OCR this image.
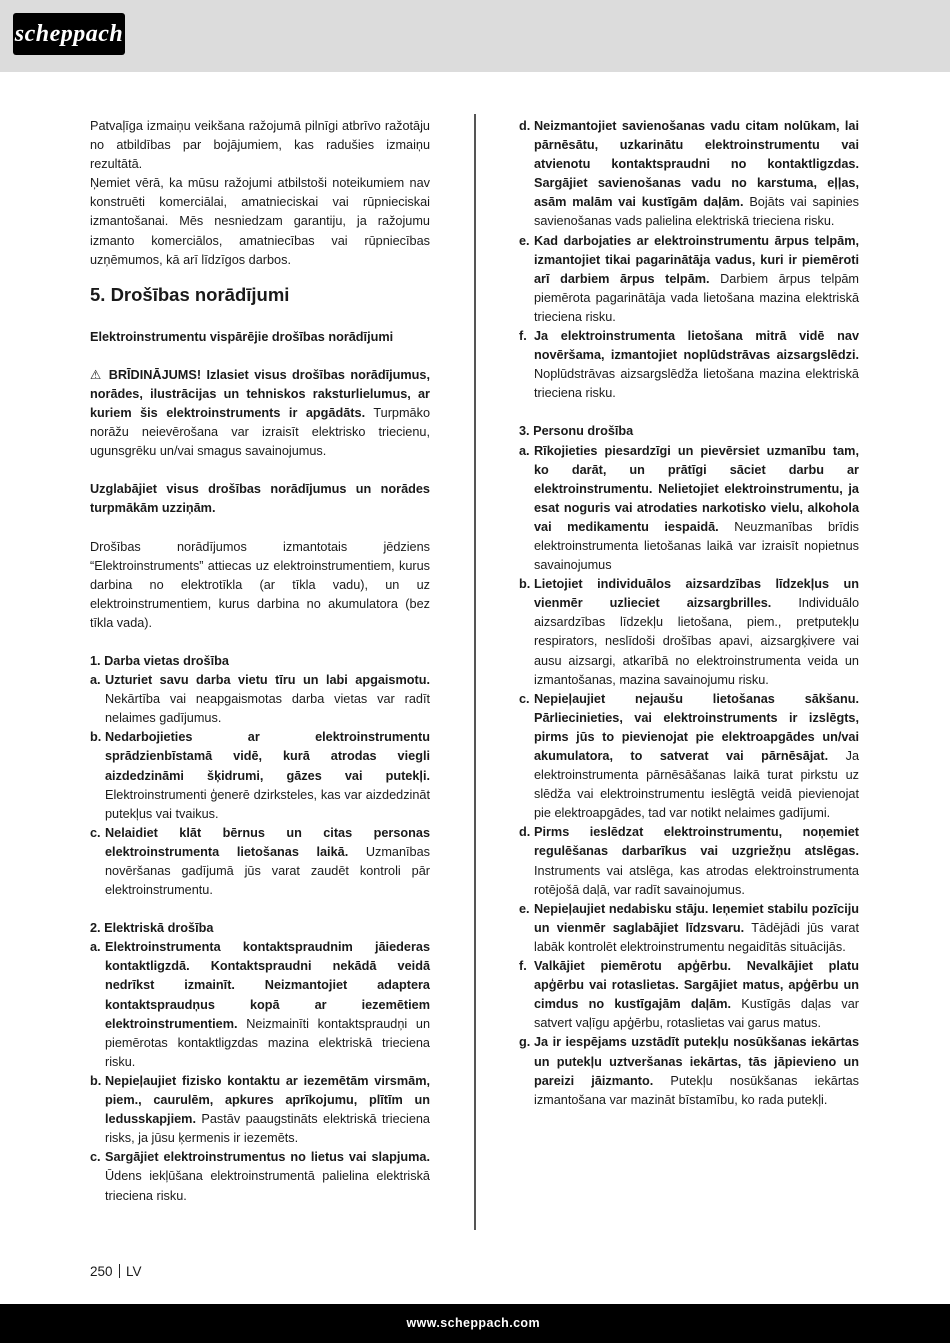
scheppach

Patvaļīga izmaiņu veikšana ražojumā pilnīgi atbrīvo ražotāju no atbildības par bojājumiem, kas radušies izmaiņu rezultātā.

Ņemiet vērā, ka mūsu ražojumi atbilstoši noteikumiem nav konstruēti komerciālai, amatnieciskai vai rūpnieciskai izmantošanai. Mēs nesniedzam garantiju, ja ražojumu izmanto komerciālos, amatniecības vai rūpniecības uzņēmumos, kā arī līdzīgos darbos.

5. Drošības norādījumi

Elektroinstrumentu vispārējie drošības norādījumi

⚠ BRĪDINĀJUMS! Izlasiet visus drošības norādījumus, norādes, ilustrācijas un tehniskos raksturlielumus, ar kuriem šis elektroinstruments ir apgādāts. Turpmāko norāžu neievērošana var izraisīt elektrisko triecienu, ugunsgrēku un/vai smagus savainojumus.

Uzglabājiet visus drošības norādījumus un norādes turpmākām uzziņām.

Drošības norādījumos izmantotais jēdziens “Elektroinstruments” attiecas uz elektroinstrumentiem, kurus darbina no elektrotīkla (ar tīkla vadu), un uz elektroinstrumentiem, kurus darbina no akumulatora (bez tīkla vada).

1. Darba vietas drošība
a. Uzturiet savu darba vietu tīru un labi apgaismotu. Nekārtība vai neapgaismotas darba vietas var radīt nelaimes gadījumus.
b. Nedarbojieties ar elektroinstrumentu sprādzienbīstamā vidē, kurā atrodas viegli aizdedzināmi šķidrumi, gāzes vai putekļi. Elektroinstrumenti ģenerē dzirksteles, kas var aizdedzināt putekļus vai tvaikus.
c. Nelaidiet klāt bērnus un citas personas elektroinstrumenta lietošanas laikā. Uzmanības novēršanas gadījumā jūs varat zaudēt kontroli pār elektroinstrumentu.
2. Elektriskā drošība
a. Elektroinstrumenta kontaktspraudnim jāiederas kontaktligzdā. Kontaktspraudni nekādā veidā nedrīkst izmainīt. Neizmantojiet adaptera kontaktspraudņus kopā ar iezemētiem elektroinstrumentiem. Neizmainīti kontaktspraudņi un piemērotas kontaktligzdas mazina elektriskā trieciena risku.
b. Nepieļaujiet fizisko kontaktu ar iezemētām virsmām, piem., caurulēm, apkures aprīkojumu, plītīm un ledusskapjiem. Pastāv paaugstināts elektriskā trieciena risks, ja jūsu ķermenis ir iezemēts.
c. Sargājiet elektroinstrumentus no lietus vai slapjuma. Ūdens iekļūšana elektroinstrumentā palielina elektriskā trieciena risku.
d. Neizmantojiet savienošanas vadu citam nolūkam, lai pārnēsātu, uzkarinātu elektroinstrumentu vai atvienotu kontaktspraudni no kontaktligzdas. Sargājiet savienošanas vadu no karstuma, eļļas, asām malām vai kustīgām daļām. Bojāts vai sapinies savienošanas vads palielina elektriskā trieciena risku.
e. Kad darbojaties ar elektroinstrumentu ārpus telpām, izmantojiet tikai pagarinātāja vadus, kuri ir piemēroti arī darbiem ārpus telpām. Darbiem ārpus telpām piemērota pagarinātāja vada lietošana mazina elektriskā trieciena risku.
f. Ja elektroinstrumenta lietošana mitrā vidē nav novēršama, izmantojiet noplūdstrāvas aizsargslēdzi. Noplūdstrāvas aizsargslēdža lietošana mazina elektriskā trieciena risku.
3. Personu drošība
a. Rīkojieties piesardzīgi un pievērsiet uzmanību tam, ko darāt, un prātīgi sāciet darbu ar elektroinstrumentu. Nelietojiet elektroinstrumentu, ja esat noguris vai atrodaties narkotisko vielu, alkohola vai medikamentu iespaidā. Neuzmanības brīdis elektroinstrumenta lietošanas laikā var izraisīt nopietnus savainojumus
b. Lietojiet individuālos aizsardzības līdzekļus un vienmēr uzlieciet aizsargbrilles. Individuālo aizsardzības līdzekļu lietošana, piem., pretputekļu respirators, neslīdoši drošības apavi, aizsargķivere vai ausu aizsargi, atkarībā no elektroinstrumenta veida un izmantošanas, mazina savainojumu risku.
c. Nepieļaujiet nejaušu lietošanas sākšanu. Pārliecinieties, vai elektroinstruments ir izslēgts, pirms jūs to pievienojat pie elektroapgādes un/vai akumulatora, to satverat vai pārnēsājat. Ja elektroinstrumenta pārnēsāšanas laikā turat pirkstu uz slēdža vai elektroinstrumentu ieslēgtā veidā pievienojat pie elektroapgādes, tad var notikt nelaimes gadījumi.
d. Pirms ieslēdzat elektroinstrumentu, noņemiet regulēšanas darbarīkus vai uzgriežņu atslēgas. Instruments vai atslēga, kas atrodas elektroinstrumenta rotējošā daļā, var radīt savainojumus.
e. Nepieļaujiet nedabisku stāju. Ieņemiet stabilu pozīciju un vienmēr saglabājiet līdzsvaru. Tādējādi jūs varat labāk kontrolēt elektroinstrumentu negaidītās situācijās.
f. Valkājiet piemērotu apģērbu. Nevalkājiet platu apģērbu vai rotaslietas. Sargājiet matus, apģērbu un cimdus no kustīgajām daļām. Kustīgās daļas var satvert vaļīgu apģērbu, rotaslietas vai garus matus.
g. Ja ir iespējams uzstādīt putekļu nosūkšanas iekārtas un putekļu uztveršanas iekārtas, tās jāpievieno un pareizi jāizmanto. Putekļu nosūkšanas iekārtas izmantošana var mazināt bīstamību, ko rada putekļi.
250 LV
www.scheppach.com
